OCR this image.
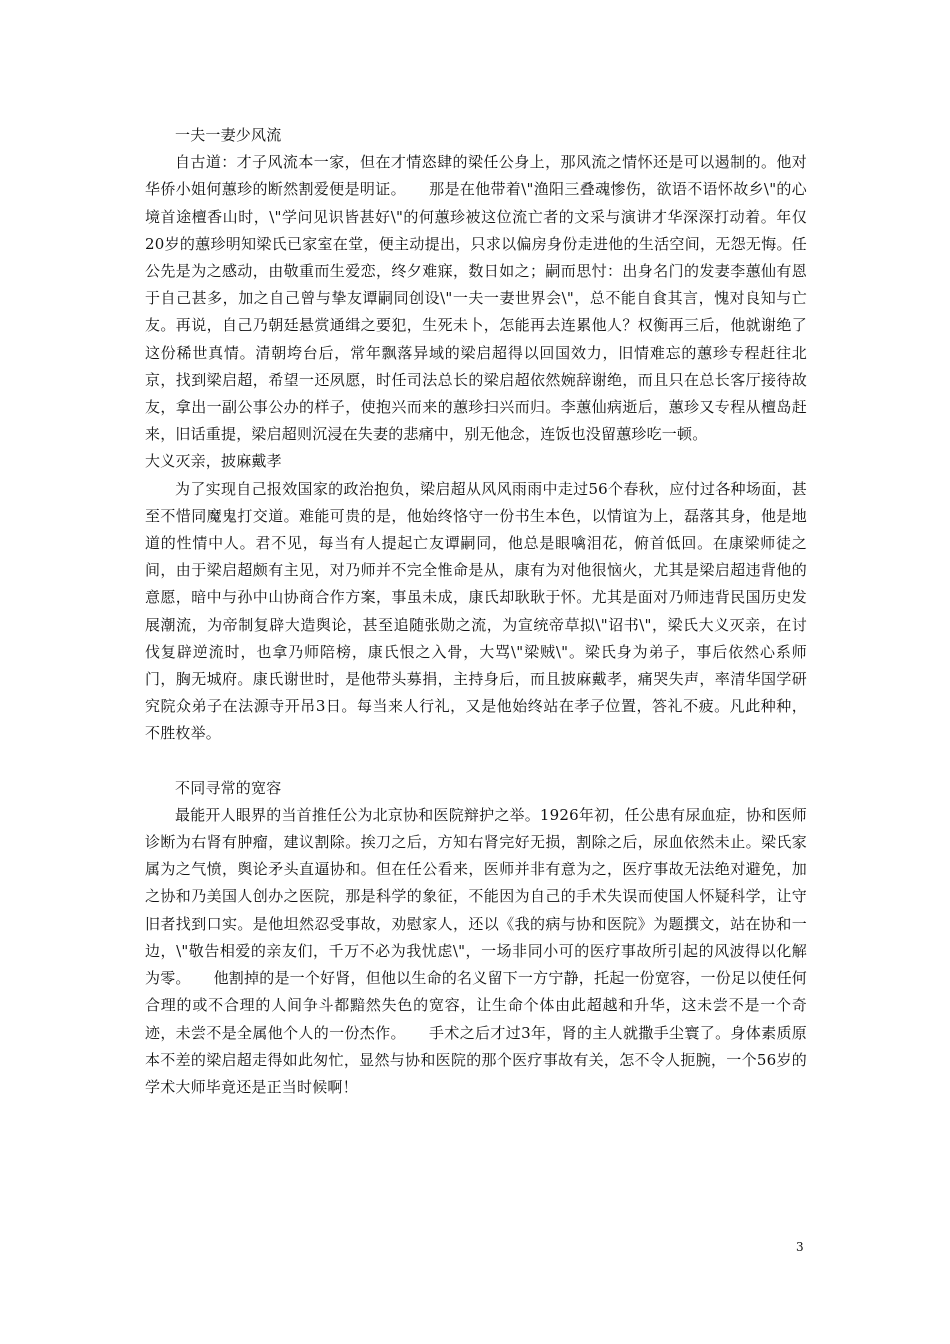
一夫一妻少风流

自古道：才子风流本一家，但在才情恣肆的梁任公身上，那风流之情怀还是可以遏制的。他对华侨小姐何蕙珍的断然割爱便是明证。　　那是在他带着\"渔阳三叠魂惨伤，欲语不语怀故乡\"的心境首途檀香山时，\"学问见识皆甚好\"的何蕙珍被这位流亡者的文采与演讲才华深深打动着。年仅20岁的蕙珍明知梁氏已家室在堂，便主动提出，只求以偏房身份走进他的生活空间，无怨无悔。任公先是为之感动，由敬重而生爱恋，终夕难寐，数日如之；嗣而思忖：出身名门的发妻李蕙仙有恩于自己甚多，加之自己曾与挚友谭嗣同创设\"一夫一妻世界会\"，总不能自食其言，愧对良知与亡友。再说，自己乃朝廷悬赏通缉之要犯，生死未卜，怎能再去连累他人？权衡再三后，他就谢绝了这份稀世真情。清朝垮台后，常年飘落异域的梁启超得以回国效力，旧情难忘的蕙珍专程赶往北京，找到梁启超，希望一还夙愿，时任司法总长的梁启超依然婉辞谢绝，而且只在总长客厅接待故友，拿出一副公事公办的样子，使抱兴而来的蕙珍扫兴而归。李蕙仙病逝后，蕙珍又专程从檀岛赶来，旧话重提，梁启超则沉浸在失妻的悲痛中，别无他念，连饭也没留蕙珍吃一顿。

大义灭亲，披麻戴孝

为了实现自己报效国家的政治抱负，梁启超从风风雨雨中走过56个春秋，应付过各种场面，甚至不惜同魔鬼打交道。难能可贵的是，他始终恪守一份书生本色，以情谊为上，磊落其身，他是地道的性情中人。君不见，每当有人提起亡友谭嗣同，他总是眼噙泪花，俯首低回。在康梁师徒之间，由于梁启超颇有主见，对乃师并不完全惟命是从，康有为对他很恼火，尤其是梁启超违背他的意愿，暗中与孙中山协商合作方案，事虽未成，康氏却耿耿于怀。尤其是面对乃师违背民国历史发展潮流，为帝制复辟大造舆论，甚至追随张勋之流，为宣统帝草拟\"诏书\"，梁氏大义灭亲，在讨伐复辟逆流时，也拿乃师陪榜，康氏恨之入骨，大骂\"梁贼\"。梁氏身为弟子，事后依然心系师门，胸无城府。康氏谢世时，是他带头募捐，主持身后，而且披麻戴孝，痛哭失声，率清华国学研究院众弟子在法源寺开吊3日。每当来人行礼，又是他始终站在孝子位置，答礼不疲。凡此种种，不胜枚举。

不同寻常的宽容

最能开人眼界的当首推任公为北京协和医院辩护之举。1926年初，任公患有尿血症，协和医师诊断为右肾有肿瘤，建议割除。挨刀之后，方知右肾完好无损，割除之后，尿血依然未止。梁氏家属为之气愤，舆论矛头直逼协和。但在任公看来，医师并非有意为之，医疗事故无法绝对避免，加之协和乃美国人创办之医院，那是科学的象征，不能因为自己的手术失误而使国人怀疑科学，让守旧者找到口实。是他坦然忍受事故，劝慰家人，还以《我的病与协和医院》为题撰文，站在协和一边，\"敬告相爱的亲友们，千万不必为我忧虑\"，一场非同小可的医疗事故所引起的风波得以化解为零。　　他割掉的是一个好肾，但他以生命的名义留下一方宁静，托起一份宽容，一份足以使任何合理的或不合理的人间争斗都黯然失色的宽容，让生命个体由此超越和升华，这未尝不是一个奇迹，未尝不是全属他个人的一份杰作。　　手术之后才过3年，肾的主人就撒手尘寰了。身体素质原本不差的梁启超走得如此匆忙，显然与协和医院的那个医疗事故有关，怎不令人扼腕，一个56岁的学术大师毕竟还是正当时候啊！

3
